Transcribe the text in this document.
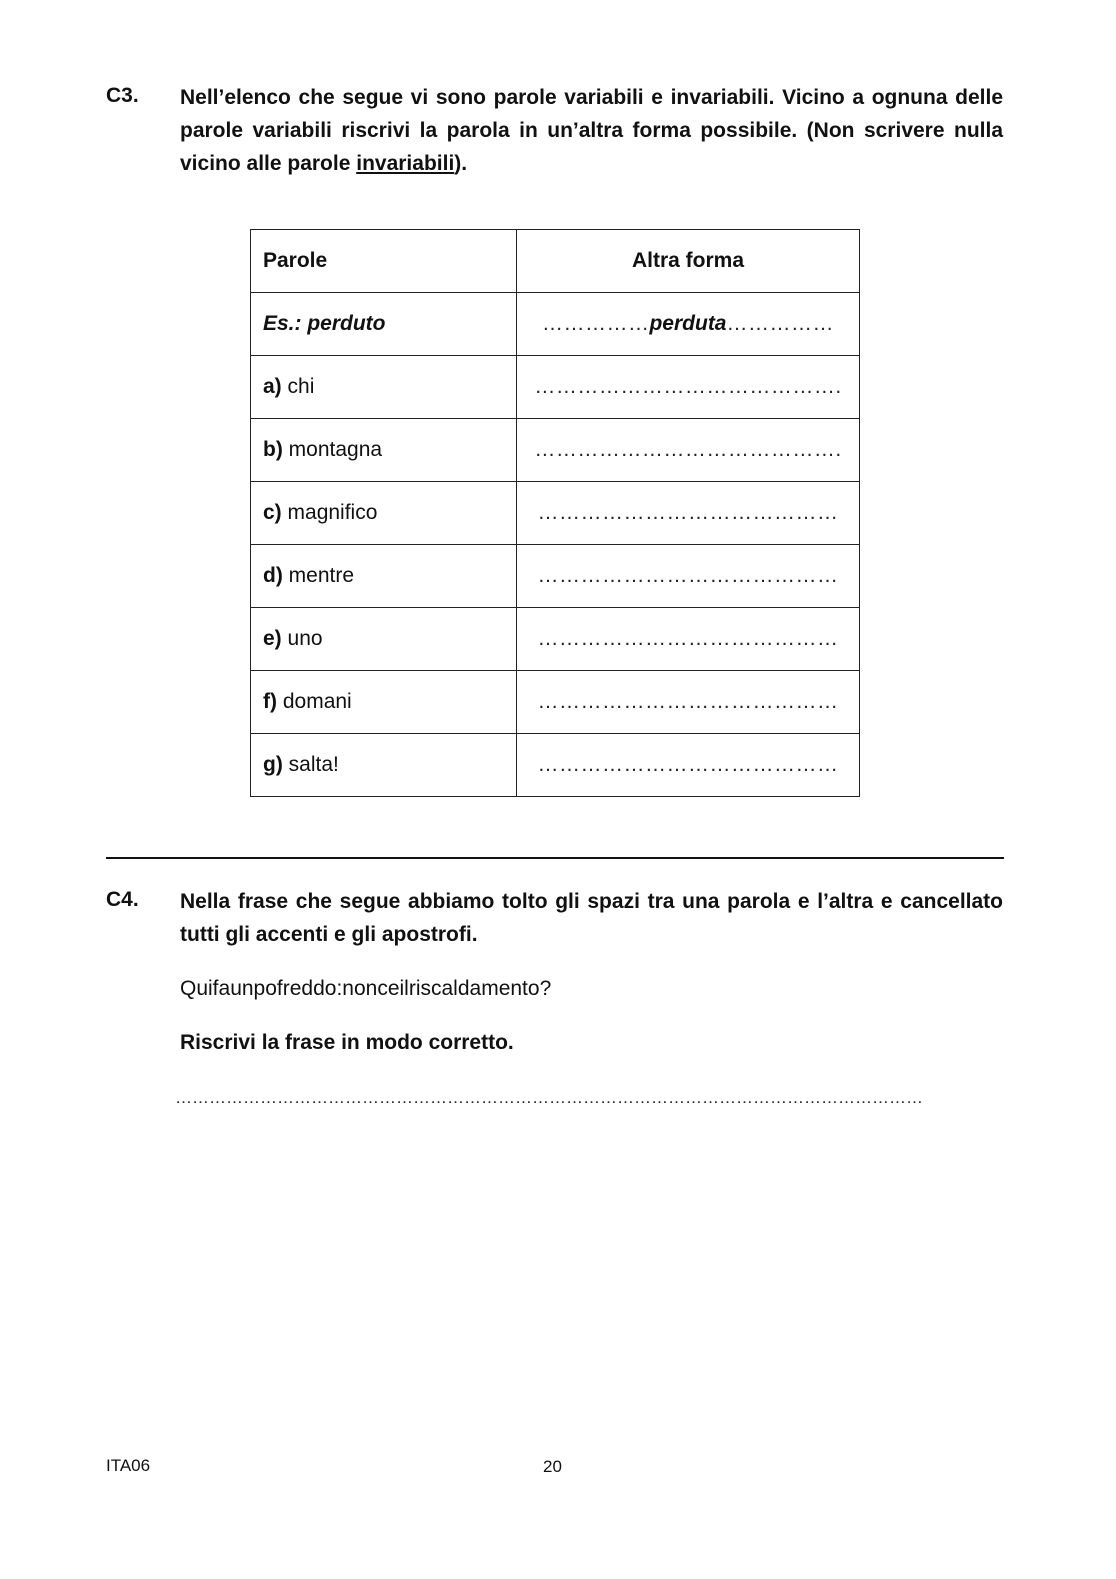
C3. Nell’elenco che segue vi sono parole variabili e invariabili. Vicino a ognuna delle parole variabili riscrivi la parola in un’altra forma possibile. (Non scrivere nulla vicino alle parole invariabili).
Parole	Altra forma
Es.: perduto	……………perduta……………
a) chi	…………………………………….
b) montagna	…………………………………….
c) magnifico	……………………………………
d) mentre	……………………………………
e) uno	……………………………………
f) domani	……………………………………
g) salta!	……………………………………
C4. Nella frase che segue abbiamo tolto gli spazi tra una parola e l’altra e cancellato tutti gli accenti e gli apostrofi.
Quifaunpofreddo:nonceilriscaldamento?
Riscrivi la frase in modo corretto.
……………………………………………………………………………………………………………………
ITA06	20
